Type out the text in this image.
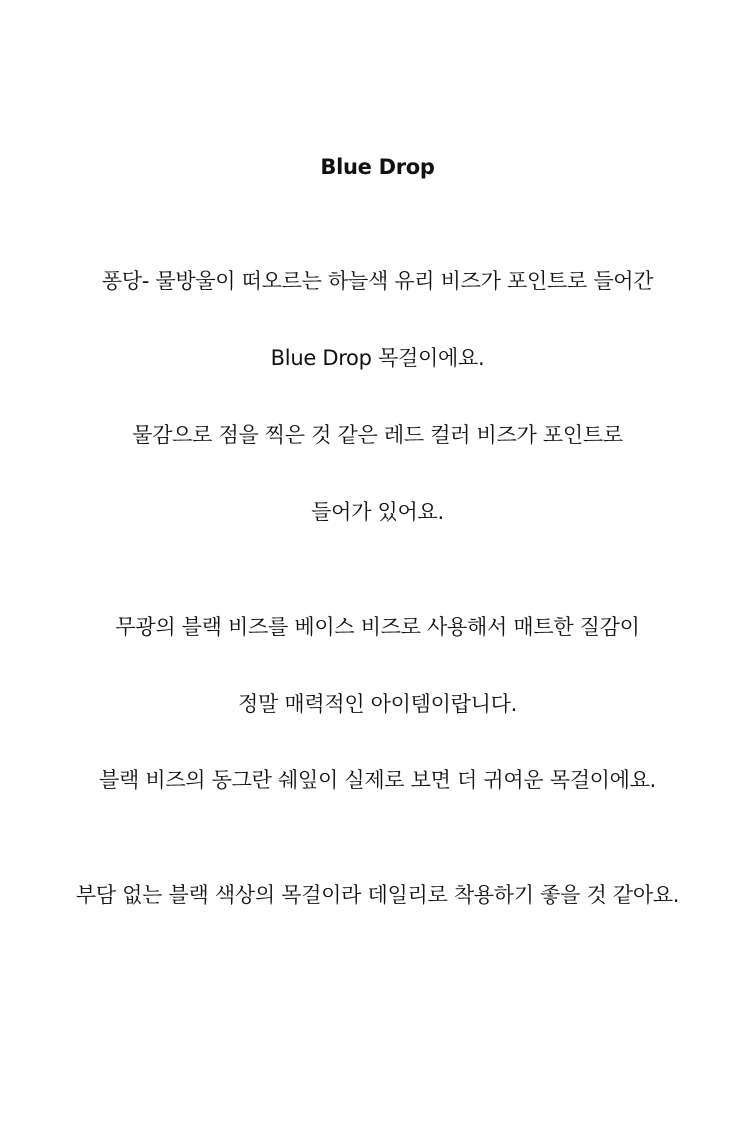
Blue Drop
퐁당- 물방울이 떠오르는 하늘색 유리 비즈가 포인트로 들어간
Blue Drop 목걸이에요.
물감으로 점을 찍은 것 같은 레드 컬러 비즈가 포인트로
들어가 있어요.
무광의 블랙 비즈를 베이스 비즈로 사용해서 매트한 질감이
정말 매력적인 아이템이랍니다.
블랙 비즈의 동그란 쉐잎이 실제로 보면 더 귀여운 목걸이에요.
부담 없는 블랙 색상의 목걸이라 데일리로 착용하기 좋을 것 같아요.
